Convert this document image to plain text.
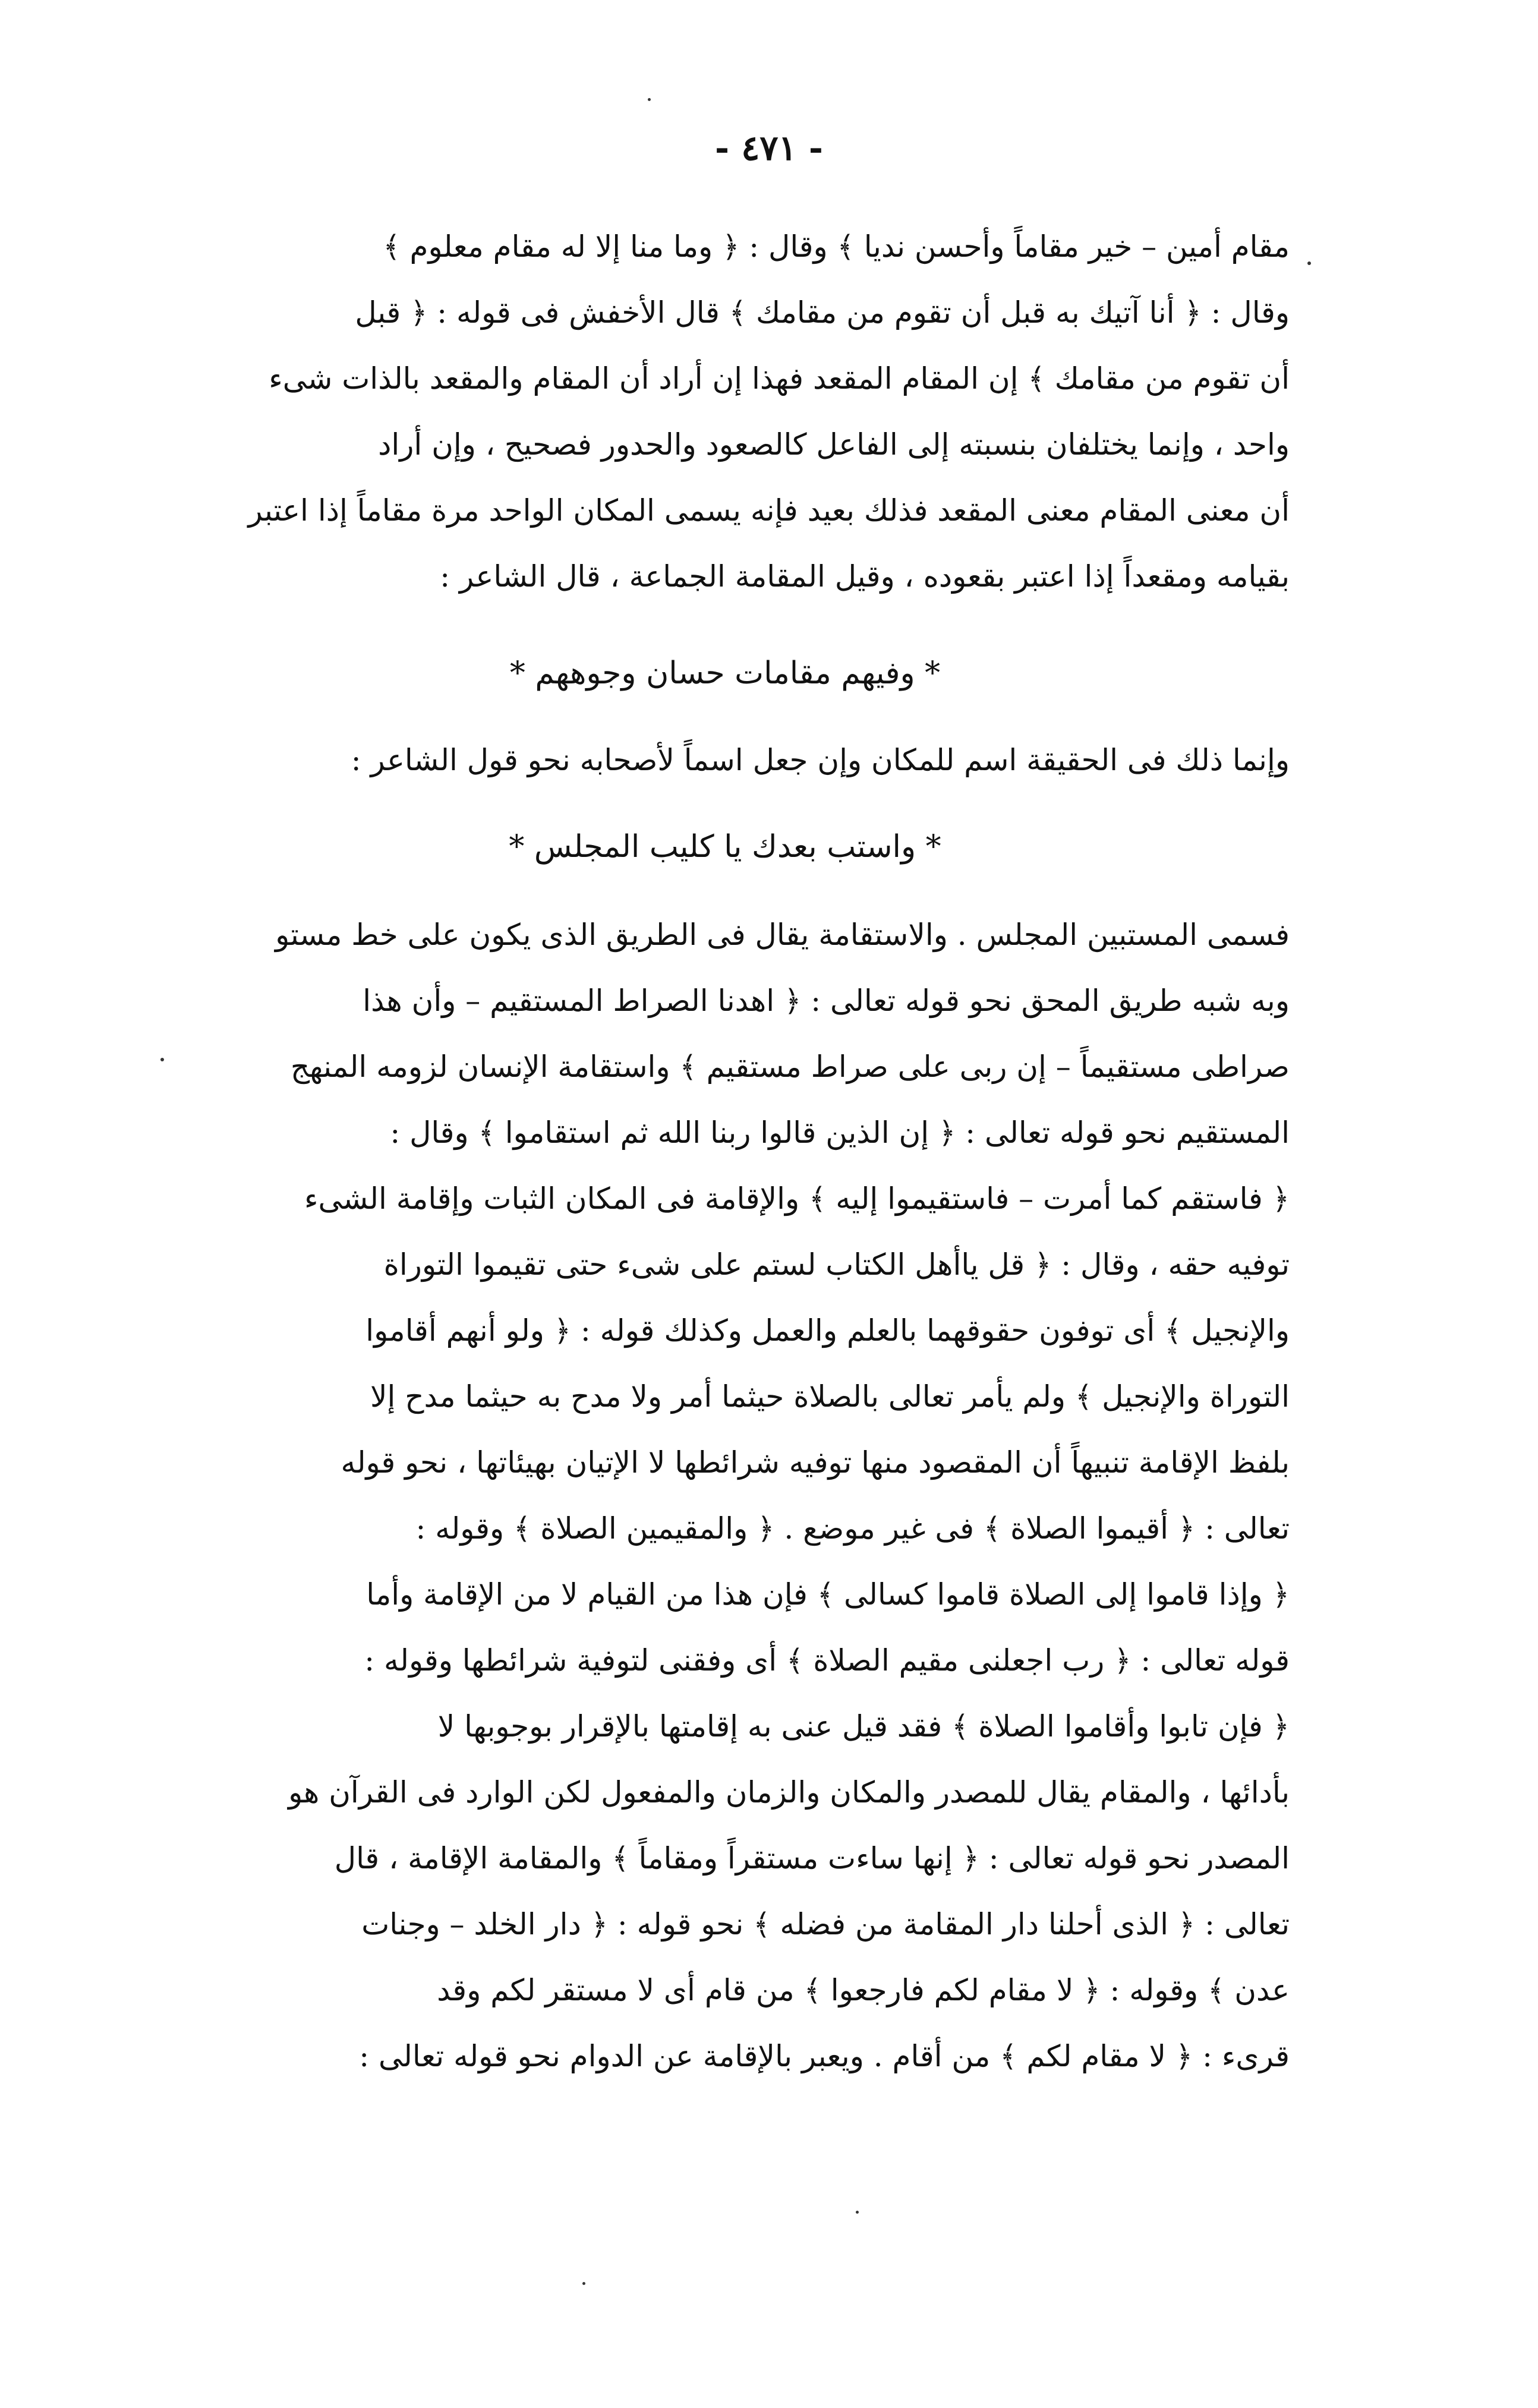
- ٤٧١ -
مقام أمين – خير مقاماً وأحسن نديا ﴾ وقال : ﴿ وما منا إلا له مقام معلوم ﴾
وقال : ﴿ أنا آتيك به قبل أن تقوم من مقامك ﴾ قال الأخفش فى قوله : ﴿ قبل
أن تقوم من مقامك ﴾ إن المقام المقعد فهذا إن أراد أن المقام والمقعد بالذات شىء
واحد ، وإنما يختلفان بنسبته إلى الفاعل كالصعود والحدور فصحيح ، وإن أراد
أن معنى المقام معنى المقعد فذلك بعيد فإنه يسمى المكان الواحد مرة مقاماً إذا اعتبر
بقيامه ومقعداً إذا اعتبر بقعوده ، وقيل المقامة الجماعة ، قال الشاعر :
* وفيهم مقامات حسان وجوههم *
وإنما ذلك فى الحقيقة اسم للمكان وإن جعل اسماً لأصحابه نحو قول الشاعر :
* واستب بعدك يا كليب المجلس *
فسمى المستبين المجلس . والاستقامة يقال فى الطريق الذى يكون على خط مستو
وبه شبه طريق المحق نحو قوله تعالى : ﴿ اهدنا الصراط المستقيم – وأن هذا
صراطى مستقيماً – إن ربى على صراط مستقيم ﴾ واستقامة الإنسان لزومه المنهج
المستقيم نحو قوله تعالى : ﴿ إن الذين قالوا ربنا الله ثم استقاموا ﴾ وقال :
﴿ فاستقم كما أمرت – فاستقيموا إليه ﴾ والإقامة فى المكان الثبات وإقامة الشىء
توفيه حقه ، وقال : ﴿ قل ياأهل الكتاب لستم على شىء حتى تقيموا التوراة
والإنجيل ﴾ أى توفون حقوقهما بالعلم والعمل وكذلك قوله : ﴿ ولو أنهم أقاموا
التوراة والإنجيل ﴾ ولم يأمر تعالى بالصلاة حيثما أمر ولا مدح به حيثما مدح إلا
بلفظ الإقامة تنبيهاً أن المقصود منها توفيه شرائطها لا الإتيان بهيئاتها ، نحو قوله
تعالى : ﴿ أقيموا الصلاة ﴾ فى غير موضع . ﴿ والمقيمين الصلاة ﴾ وقوله :
﴿ وإذا قاموا إلى الصلاة قاموا كسالى ﴾ فإن هذا من القيام لا من الإقامة وأما
قوله تعالى : ﴿ رب اجعلنى مقيم الصلاة ﴾ أى وفقنى لتوفية شرائطها وقوله :
﴿ فإن تابوا وأقاموا الصلاة ﴾ فقد قيل عنى به إقامتها بالإقرار بوجوبها لا
بأدائها ، والمقام يقال للمصدر والمكان والزمان والمفعول لكن الوارد فى القرآن هو
المصدر نحو قوله تعالى : ﴿ إنها ساءت مستقراً ومقاماً ﴾ والمقامة الإقامة ، قال
تعالى : ﴿ الذى أحلنا دار المقامة من فضله ﴾ نحو قوله : ﴿ دار الخلد – وجنات
عدن ﴾ وقوله : ﴿ لا مقام لكم فارجعوا ﴾ من قام أى لا مستقر لكم وقد
قرىء : ﴿ لا مقام لكم ﴾ من أقام . ويعبر بالإقامة عن الدوام نحو قوله تعالى :
